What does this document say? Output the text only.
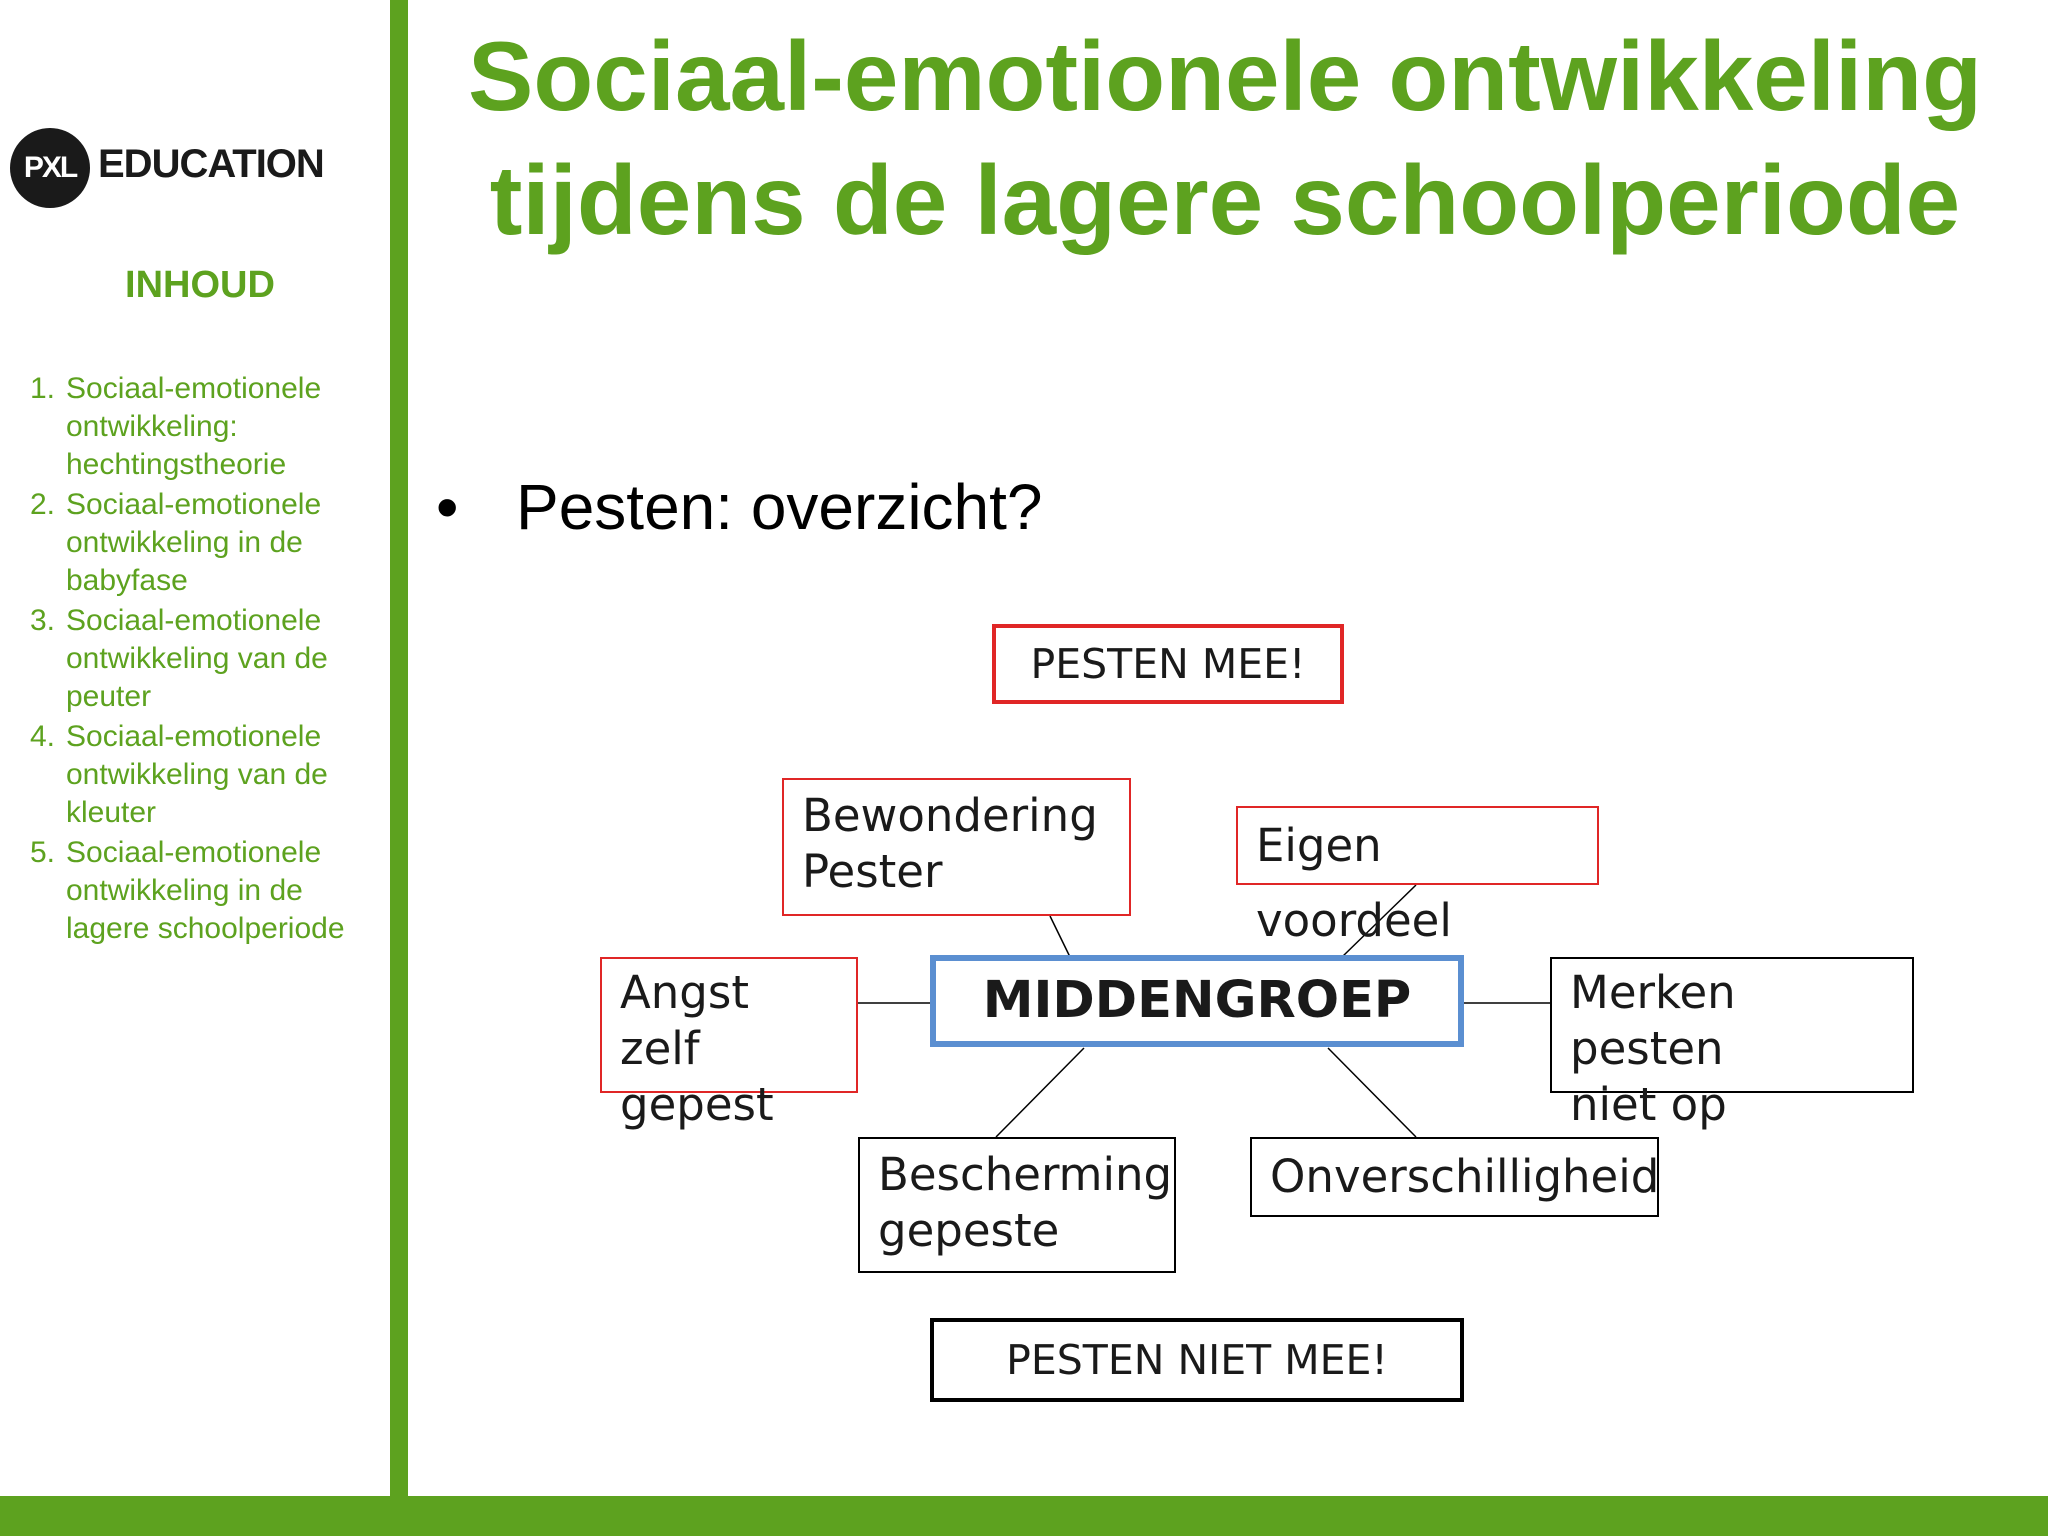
PXL EDUCATION
INHOUD
1. Sociaal-emotionele ontwikkeling: hechtingstheorie
2. Sociaal-emotionele ontwikkeling in de babyfase
3. Sociaal-emotionele ontwikkeling van de peuter
4. Sociaal-emotionele ontwikkeling van de kleuter
5. Sociaal-emotionele ontwikkeling in de lagere schoolperiode
Sociaal-emotionele ontwikkeling tijdens de lagere schoolperiode
• Pesten: overzicht?
PESTEN MEE!
Bewondering
Pester	Eigen voordeel
Angst zelf
gepest
MIDDENGROEP	Merken pesten
niet op
Bescherming
gepeste
Onverschilligheid
PESTEN NIET MEE!
